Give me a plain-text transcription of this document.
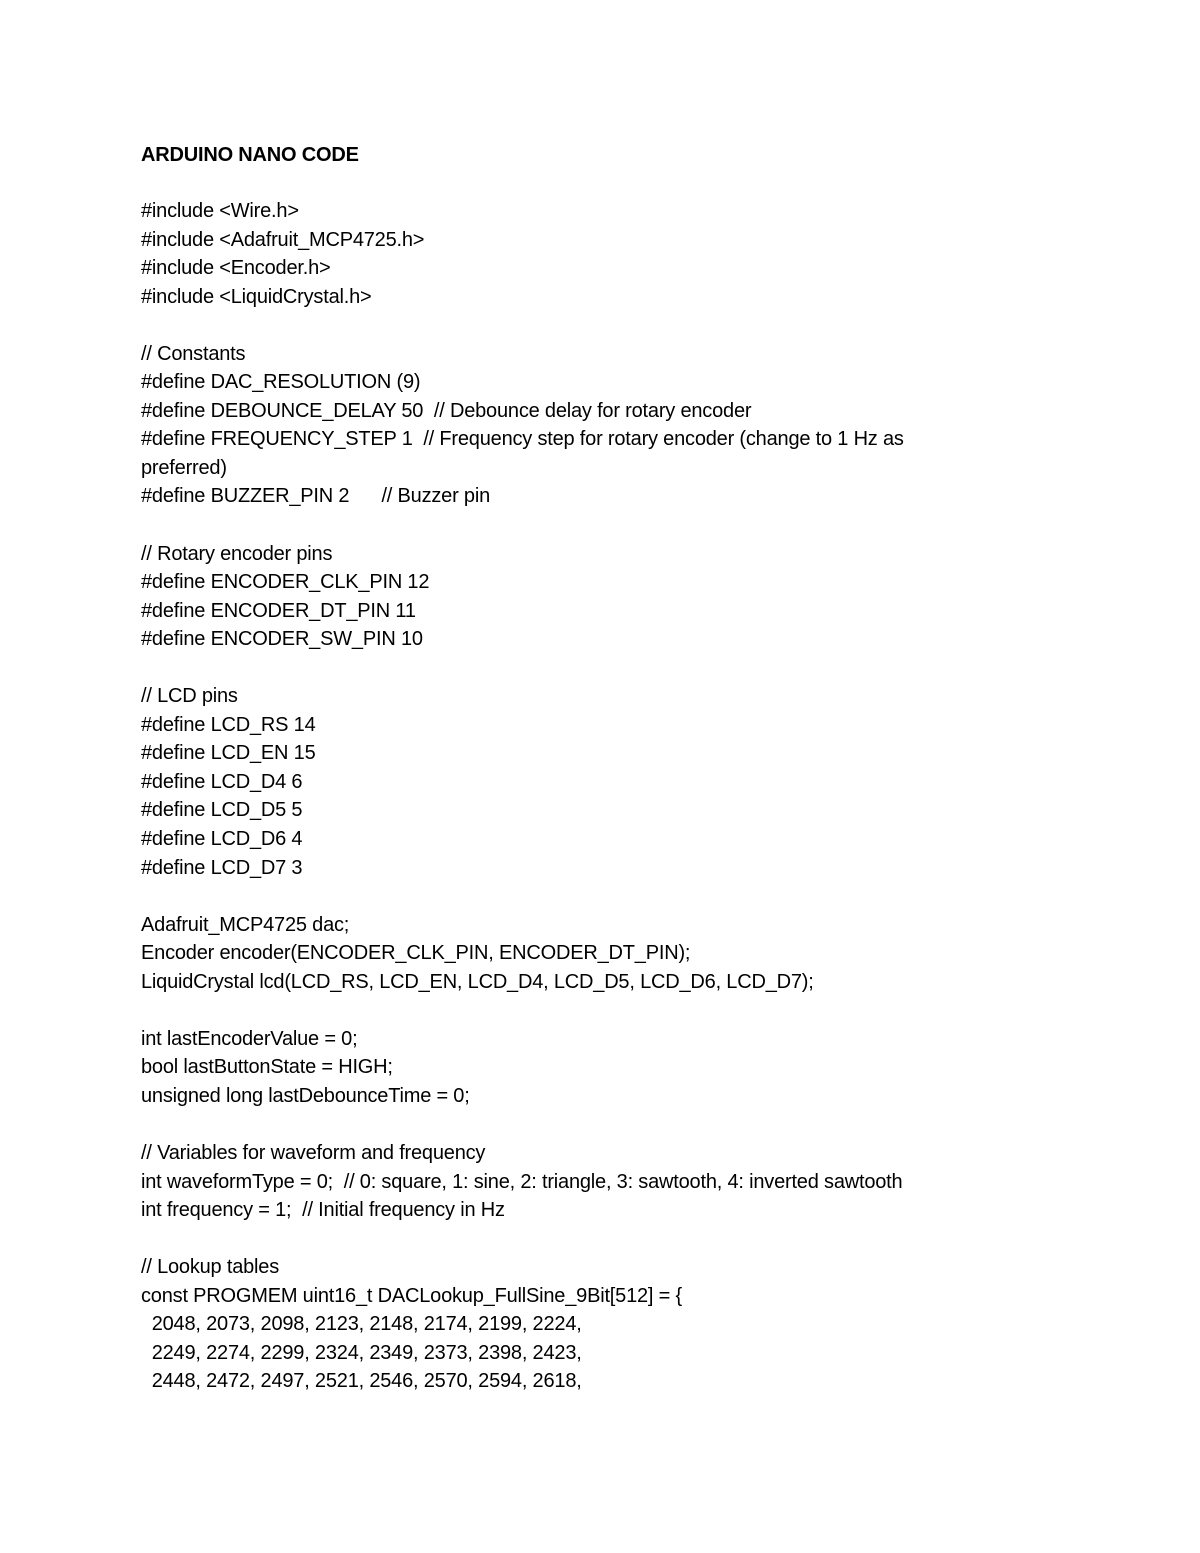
ARDUINO NANO CODE
#include <Wire.h>
#include <Adafruit_MCP4725.h>
#include <Encoder.h>
#include <LiquidCrystal.h>
// Constants
#define DAC_RESOLUTION (9)
#define DEBOUNCE_DELAY 50  // Debounce delay for rotary encoder
#define FREQUENCY_STEP 1  // Frequency step for rotary encoder (change to 1 Hz as
preferred)
#define BUZZER_PIN 2      // Buzzer pin
// Rotary encoder pins
#define ENCODER_CLK_PIN 12
#define ENCODER_DT_PIN 11
#define ENCODER_SW_PIN 10
// LCD pins
#define LCD_RS 14
#define LCD_EN 15
#define LCD_D4 6
#define LCD_D5 5
#define LCD_D6 4
#define LCD_D7 3
Adafruit_MCP4725 dac;
Encoder encoder(ENCODER_CLK_PIN, ENCODER_DT_PIN);
LiquidCrystal lcd(LCD_RS, LCD_EN, LCD_D4, LCD_D5, LCD_D6, LCD_D7);
int lastEncoderValue = 0;
bool lastButtonState = HIGH;
unsigned long lastDebounceTime = 0;
// Variables for waveform and frequency
int waveformType = 0;  // 0: square, 1: sine, 2: triangle, 3: sawtooth, 4: inverted sawtooth
int frequency = 1;  // Initial frequency in Hz
// Lookup tables
const PROGMEM uint16_t DACLookup_FullSine_9Bit[512] = {
2048, 2073, 2098, 2123, 2148, 2174, 2199, 2224,
2249, 2274, 2299, 2324, 2349, 2373, 2398, 2423,
2448, 2472, 2497, 2521, 2546, 2570, 2594, 2618,
